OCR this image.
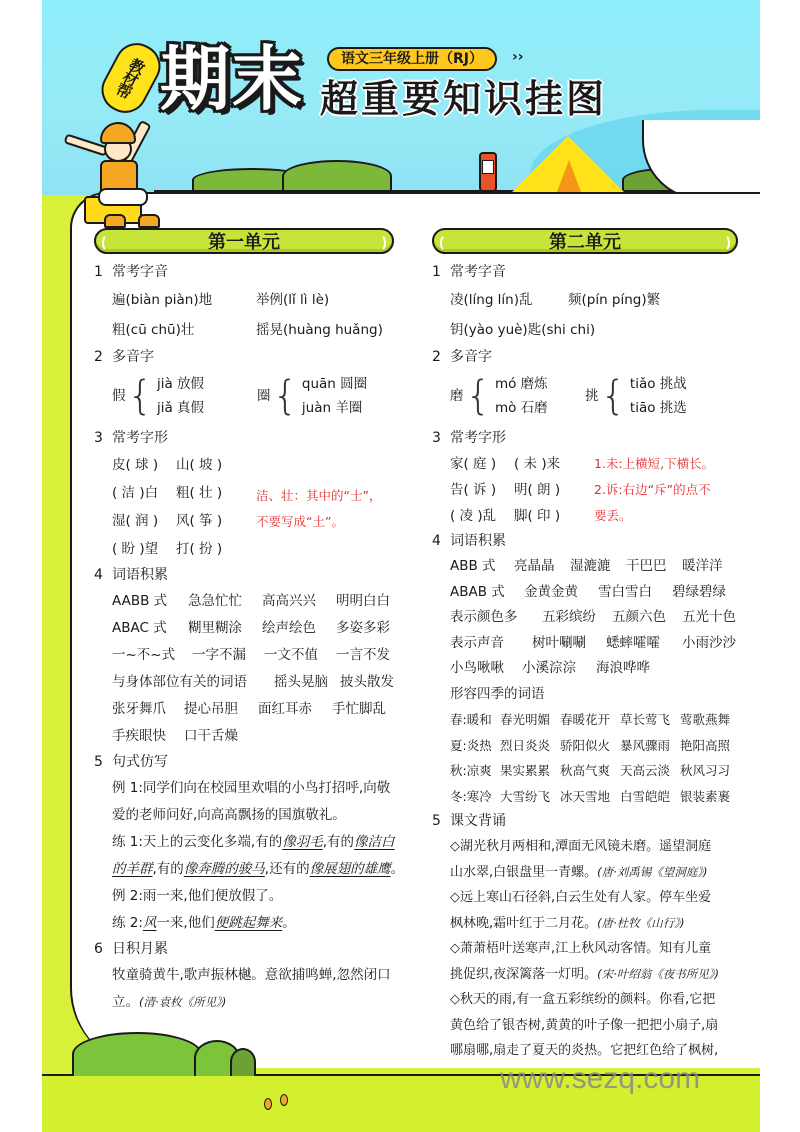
教材帮 期末	语文三年级上册（RJ）	››
超重要知识挂图
第一单元	第二单元
1 常考字音
遍(biàn piàn)地	举例(lǐ lì lè)
粗(cū chū)壮	摇晃(huàng huǎng)
2 多音字
假 { jià 放假
jiǎ 真假
圈 { quān 圆圈
juàn 羊圈
3 常考字形
皮( 球 )	山( 坡 )
( 洁 )白	粗( 壮 )
湿( 润 )	风( 筝 )
( 盼 )望	打( 扮 )
洁、壮：其中的“士”，
不要写成“土”。
4 词语积累
AABB 式 急急忙忙 高高兴兴 明明白白
ABAC 式 糊里糊涂 绘声绘色 多姿多彩
一~不~式 一字不漏 一文不值 一言不发
与身体部位有关的词语 摇头晃脑 披头散发
张牙舞爪 提心吊胆 面红耳赤 手忙脚乱
手疾眼快 口干舌燥
5 句式仿写
例 1:同学们向在校园里欢唱的小鸟打招呼,向敬
爱的老师问好,向高高飘扬的国旗敬礼。
练 1:天上的云变化多端,有的像羽毛,有的像洁白
的羊群,有的像奔腾的骏马,还有的像展翅的雄鹰。
例 2:雨一来,他们便放假了。
练 2:风一来,他们便跳起舞来。
6 日积月累
牧童骑黄牛,歌声振林樾。意欲捕鸣蝉,忽然闭口
立。(清·袁枚《所见》)
1 常考字音
凌(líng lín)乱	频(pín píng)繁
钥(yào yuè)匙(shi chi)
2 多音字
磨 { mó 磨炼
mò 石磨
挑 { tiǎo 挑战
tiāo 挑选
3 常考字形
家( 庭 )	( 未 )来
告( 诉 )	明( 朗 )
( 凌 )乱	脚( 印 )
1.未:上横短,下横长。
2.诉:右边“斥”的点不
要丢。
4 词语积累
ABB 式 亮晶晶 湿漉漉 干巴巴 暖洋洋
ABAB 式 金黄金黄 雪白雪白 碧绿碧绿
表示颜色多 五彩缤纷 五颜六色 五光十色
表示声音 树叶唰唰 蟋蟀嚯嚯 小雨沙沙
小鸟啾啾 小溪淙淙 海浪哗哗
形容四季的词语
春:暖和 春光明媚 春暖花开 草长莺飞 莺歌燕舞
夏:炎热 烈日炎炎 骄阳似火 暴风骤雨 艳阳高照
秋:凉爽 果实累累 秋高气爽 天高云淡 秋风习习
冬:寒冷 大雪纷飞 冰天雪地 白雪皑皑 银装素裹
5 课文背诵
◇湖光秋月两相和,潭面无风镜未磨。遥望洞庭
山水翠,白银盘里一青螺。(唐·刘禹锡《望洞庭》)
◇远上寒山石径斜,白云生处有人家。停车坐爱
枫林晚,霜叶红于二月花。(唐·杜牧《山行》)
◇萧萧梧叶送寒声,江上秋风动客情。知有儿童
挑促织,夜深篱落一灯明。(宋·叶绍翁《夜书所见》)
◇秋天的雨,有一盒五彩缤纷的颜料。你看,它把
黄色给了银杏树,黄黄的叶子像一把把小扇子,扇
哪扇哪,扇走了夏天的炎热。它把红色给了枫树,
www.sezq.com
